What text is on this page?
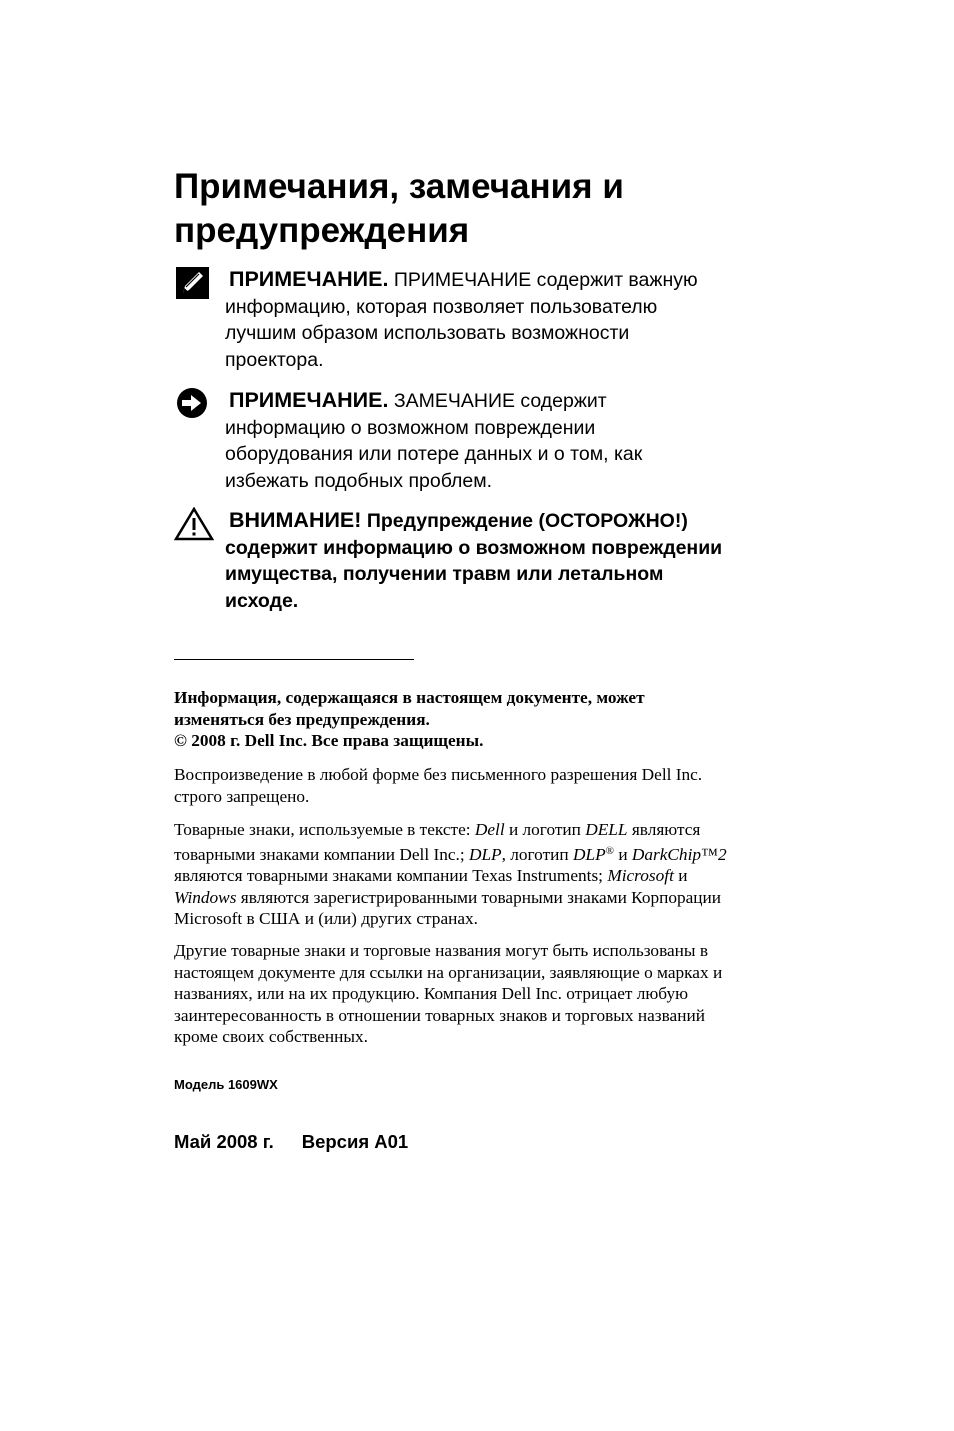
Примечания, замечания и
предупреждения
ПРИМЕЧАНИЕ. ПРИМЕЧАНИЕ содержит важную
информацию, которая позволяет пользователю
лучшим образом использовать возможности
проектора.
ПРИМЕЧАНИЕ. ЗАМЕЧАНИЕ содержит
информацию о возможном повреждении
оборудования или потере данных и о том, как
избежать подобных проблем.
ВНИМАНИЕ! Предупреждение (ОСТОРОЖНО!)
содержит информацию о возможном повреждении
имущества, получении травм или летальном
исходе.
Информация, содержащаяся в настоящем документе, может
изменяться без предупреждения.
© 2008 г. Dell Inc. Все права защищены.
Воспроизведение в любой форме без письменного разрешения Dell Inc.
строго запрещено.
Товарные знаки, используемые в тексте: Dell и логотип DELL являются
товарными знаками компании Dell Inc.; DLP, логотип DLP® и DarkChip™2
являются товарными знаками компании Texas Instruments; Microsoft и
Windows являются зарегистрированными товарными знаками Корпорации
Microsoft в США и (или) других странах.
Другие товарные знаки и торговые названия могут быть использованы в
настоящем документе для ссылки на организации, заявляющие о марках и
названиях, или на их продукцию. Компания Dell Inc. отрицает любую
заинтересованность в отношении товарных знаков и торговых названий
кроме своих собственных.
Модель 1609WX
Май 2008 г. Версия A01
